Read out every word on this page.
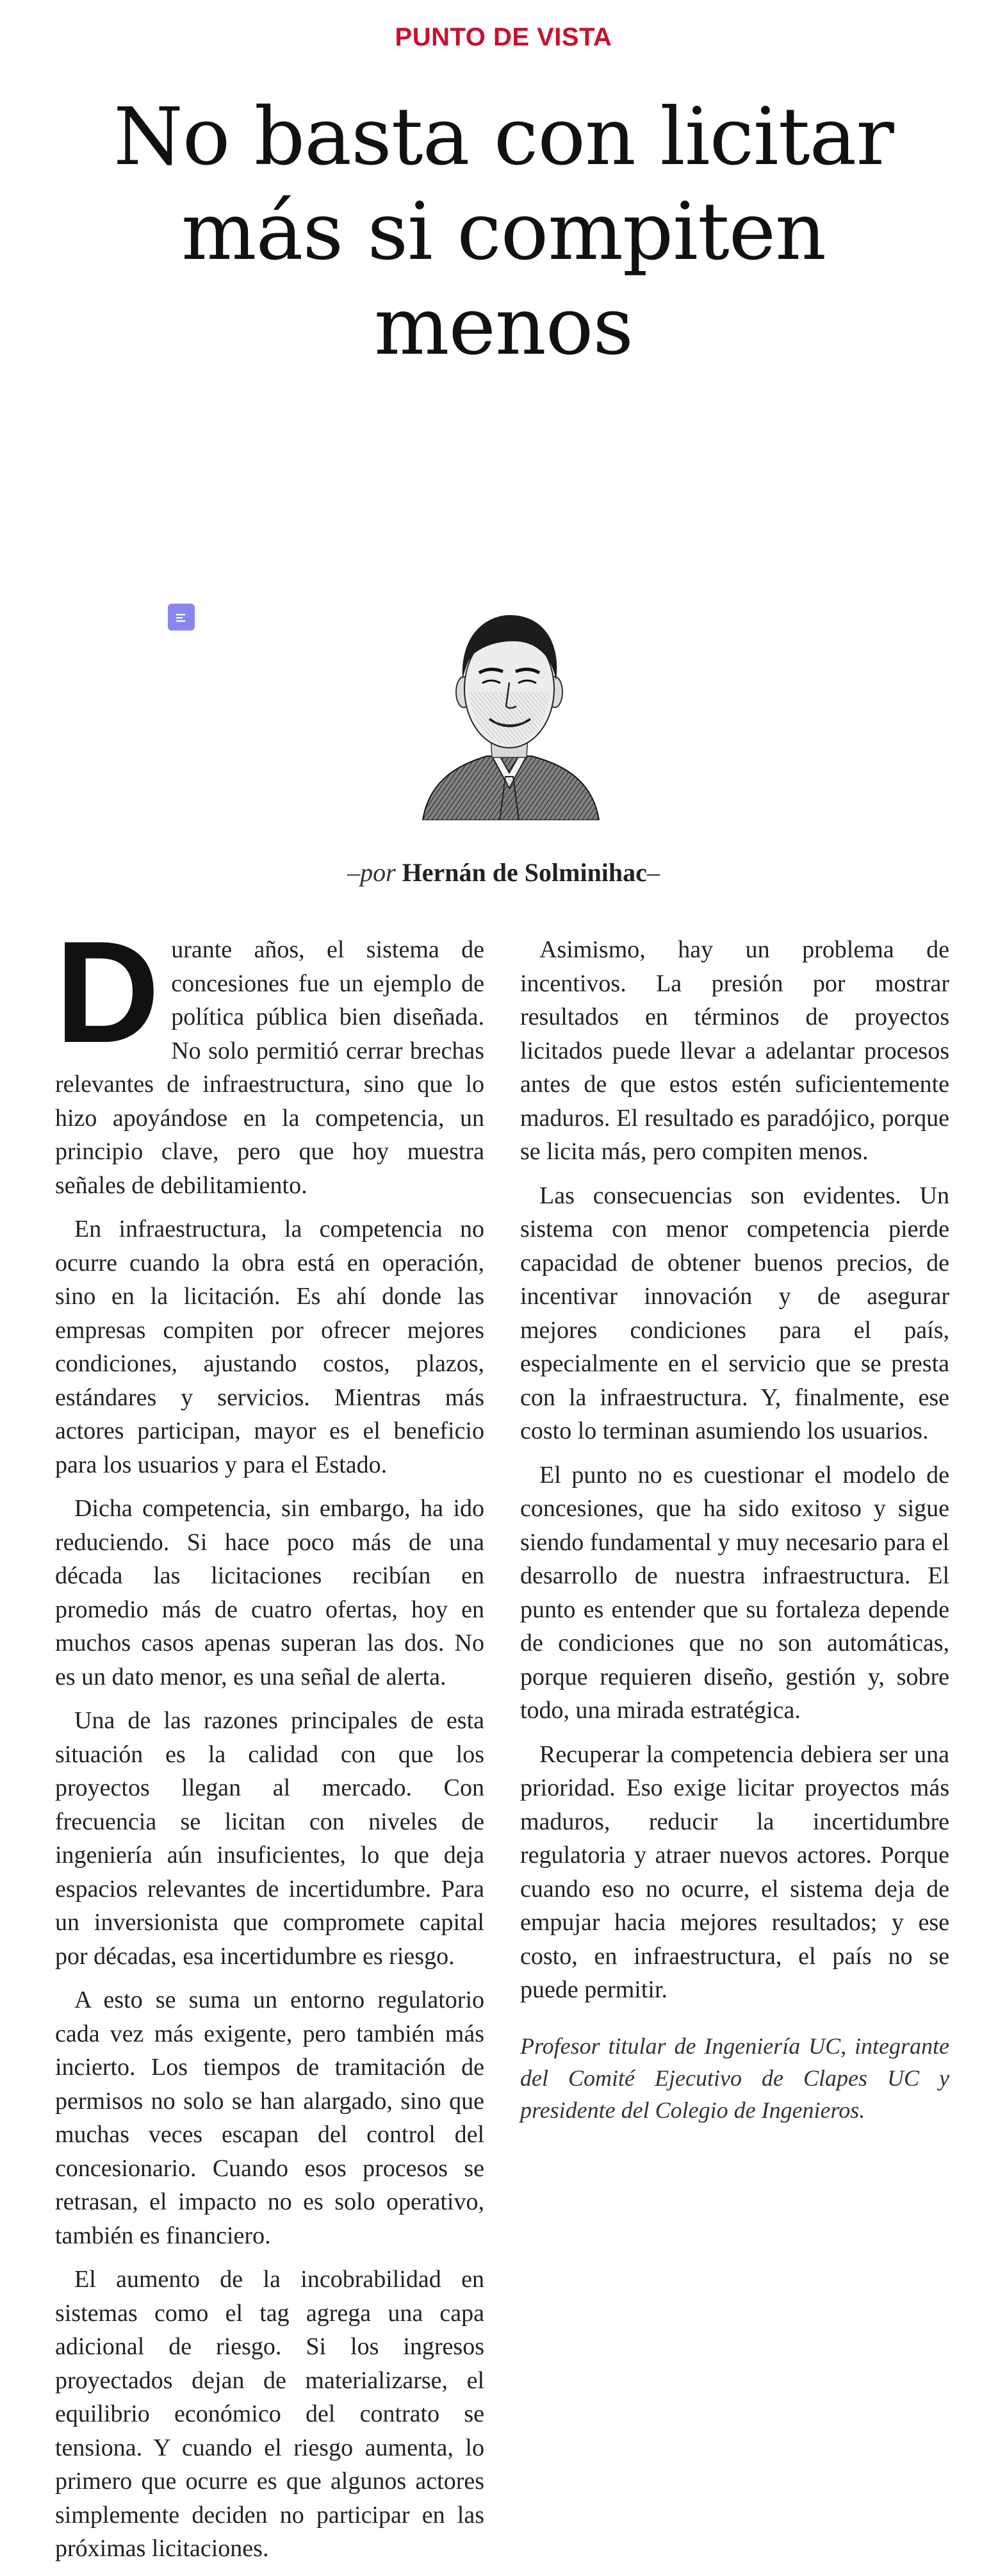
PUNTO DE VISTA
No basta con licitar
más si compiten
menos
–por Hernán de Solminihac–

Durante años, el sistema de concesiones fue un ejemplo de política pública bien diseñada. No solo permitió cerrar brechas relevantes de infraestructura, sino que lo hizo apoyándose en la competencia, un principio clave, pero que hoy muestra señales de debilitamiento.

En infraestructura, la competencia no ocurre cuando la obra está en operación, sino en la licitación. Es ahí donde las empresas compiten por ofrecer mejores condiciones, ajustando costos, plazos, estándares y servicios. Mientras más actores participan, mayor es el beneficio para los usuarios y para el Estado.

Dicha competencia, sin embargo, ha ido reduciendo. Si hace poco más de una década las licitaciones recibían en promedio más de cuatro ofertas, hoy en muchos casos apenas superan las dos. No es un dato menor, es una señal de alerta.

Una de las razones principales de esta situación es la calidad con que los proyectos llegan al mercado. Con frecuencia se licitan con niveles de ingeniería aún insuficientes, lo que deja espacios relevantes de incertidumbre. Para un inversionista que compromete capital por décadas, esa incertidumbre es riesgo.

A esto se suma un entorno regulatorio cada vez más exigente, pero también más incierto. Los tiempos de tramitación de permisos no solo se han alargado, sino que muchas veces escapan del control del concesionario. Cuando esos procesos se retrasan, el impacto no es solo operativo, también es financiero.

El aumento de la incobrabilidad en sistemas como el tag agrega una capa adicional de riesgo. Si los ingresos proyectados dejan de materializarse, el equilibrio económico del contrato se tensiona. Y cuando el riesgo aumenta, lo primero que ocurre es que algunos actores simplemente deciden no participar en las próximas licitaciones.

Asimismo, hay un problema de incentivos. La presión por mostrar resultados en términos de proyectos licitados puede llevar a adelantar procesos antes de que estos estén suficientemente maduros. El resultado es paradójico, porque se licita más, pero compiten menos.

Las consecuencias son evidentes. Un sistema con menor competencia pierde capacidad de obtener buenos precios, de incentivar innovación y de asegurar mejores condiciones para el país, especialmente en el servicio que se presta con la infraestructura. Y, finalmente, ese costo lo terminan asumiendo los usuarios.

El punto no es cuestionar el modelo de concesiones, que ha sido exitoso y sigue siendo fundamental y muy necesario para el desarrollo de nuestra infraestructura. El punto es entender que su fortaleza depende de condiciones que no son automáticas, porque requieren diseño, gestión y, sobre todo, una mirada estratégica.

Recuperar la competencia debiera ser una prioridad. Eso exige licitar proyectos más maduros, reducir la incertidumbre regulatoria y atraer nuevos actores. Porque cuando eso no ocurre, el sistema deja de empujar hacia mejores resultados; y ese costo, en infraestructura, el país no se puede permitir.

Profesor titular de Ingeniería UC, integrante del Comité Ejecutivo de Clapes UC y presidente del Colegio de Ingenieros.
